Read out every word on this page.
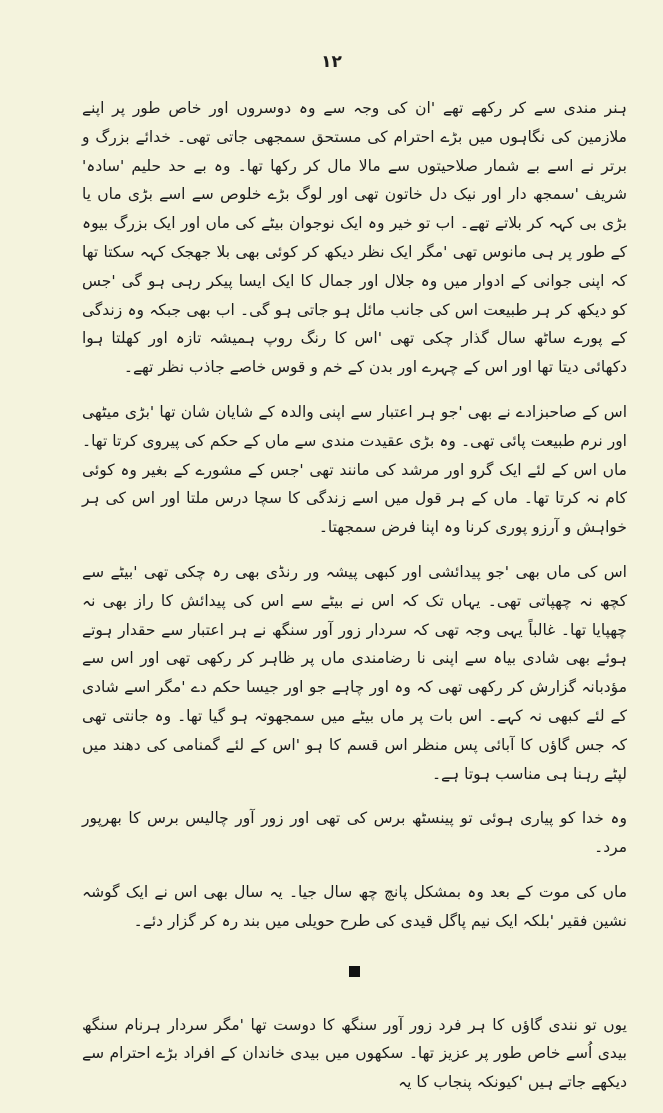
۱۲

ہنر مندی سے کر رکھے تھے 'ان کی وجہ سے وہ دوسروں اور خاص طور پر اپنے ملازمین کی نگاہوں میں بڑے احترام کی مستحق سمجھی جاتی تھی۔ خدائے بزرگ و برتر نے اسے بے شمار صلاحیتوں سے مالا مال کر رکھا تھا۔ وہ بے حد حلیم 'سادہ' شریف 'سمجھ دار اور نیک دل خاتون تھی اور لوگ بڑے خلوص سے اسے بڑی ماں یا بڑی بی کہہ کر بلاتے تھے۔ اب تو خیر وہ ایک نوجوان بیٹے کی ماں اور ایک بزرگ بیوہ کے طور پر ہی مانوس تھی 'مگر ایک نظر دیکھ کر کوئی بھی بلا جھجک کہہ سکتا تھا کہ اپنی جوانی کے ادوار میں وہ جلال اور جمال کا ایک ایسا پیکر رہی ہو گی 'جس کو دیکھ کر ہر طبیعت اس کی جانب مائل ہو جاتی ہو گی۔ اب بھی جبکہ وہ زندگی کے پورے ساٹھ سال گذار چکی تھی 'اس کا رنگ روپ ہمیشہ تازہ اور کھلتا ہوا دکھائی دیتا تھا اور اس کے چہرے اور بدن کے خم و قوس خاصے جاذب نظر تھے۔

اس کے صاحبزادے نے بھی 'جو ہر اعتبار سے اپنی والدہ کے شایان شان تھا 'بڑی میٹھی اور نرم طبیعت پائی تھی۔ وہ بڑی عقیدت مندی سے ماں کے حکم کی پیروی کرتا تھا۔ ماں اس کے لئے ایک گرو اور مرشد کی مانند تھی 'جس کے مشورے کے بغیر وہ کوئی کام نہ کرتا تھا۔ ماں کے ہر قول میں اسے زندگی کا سچا درس ملتا اور اس کی ہر خواہش و آرزو پوری کرنا وہ اپنا فرض سمجھتا۔

اس کی ماں بھی 'جو پیدائشی اور کبھی پیشہ ور رنڈی بھی رہ چکی تھی 'بیٹے سے کچھ نہ چھپاتی تھی۔ یہاں تک کہ اس نے بیٹے سے اس کی پیدائش کا راز بھی نہ چھپایا تھا۔ غالباً یہی وجہ تھی کہ سردار زور آور سنگھ نے ہر اعتبار سے حقدار ہوتے ہوئے بھی شادی بیاہ سے اپنی نا رضامندی ماں پر ظاہر کر رکھی تھی اور اس سے مؤدبانہ گزارش کر رکھی تھی کہ وہ اور چاہے جو اور جیسا حکم دے 'مگر اسے شادی کے لئے کبھی نہ کہے۔ اس بات پر ماں بیٹے میں سمجھوتہ ہو گیا تھا۔ وہ جانتی تھی کہ جس گاؤں کا آبائی پس منظر اس قسم کا ہو 'اس کے لئے گمنامی کی دھند میں لپٹے رہنا ہی مناسب ہوتا ہے۔

وہ خدا کو پیاری ہوئی تو پینسٹھ برس کی تھی اور زور آور چالیس برس کا بھرپور مرد۔

ماں کی موت کے بعد وہ بمشکل پانچ چھ سال جیا۔ یہ سال بھی اس نے ایک گوشہ نشین فقیر 'بلکہ ایک نیم پاگل قیدی کی طرح حویلی میں بند رہ کر گزار دئے۔

یوں تو نندی گاؤں کا ہر فرد زور آور سنگھ کا دوست تھا 'مگر سردار ہرنام سنگھ بیدی اُسے خاص طور پر عزیز تھا۔ سکھوں میں بیدی خاندان کے افراد بڑے احترام سے دیکھے جاتے ہیں 'کیونکہ پنجاب کا یہ
